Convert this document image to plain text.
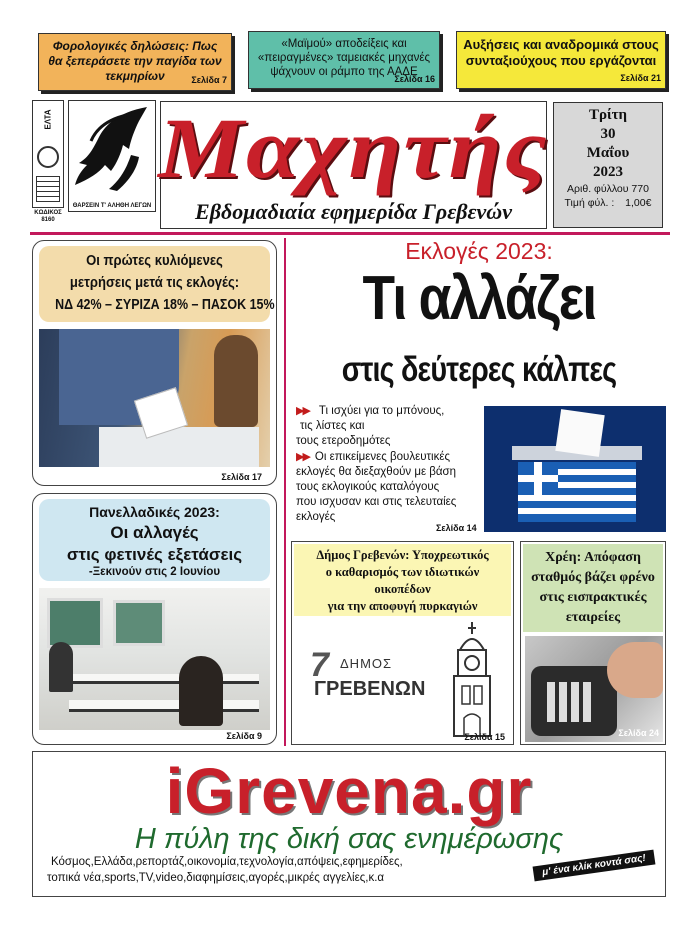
Φορολογικές δηλώσεις: Πως θα ξεπεράσετε την παγίδα των τεκμηρίων	Σελίδα 7
«Μαϊμού» αποδείξεις και «πειραγμένες» ταμειακές μηχανές ψάχνουν οι ράμπο της ΑΑΔΕ
Σελίδα 16
Αυξήσεις και αναδρομικά στους συνταξιούχους που εργάζονται
Σελίδα 21
ΕΛΤΑ
ΚΩΔΙΚΟΣ
8160
ΘΑΡΣΕΙΝ Τ' ΑΛΗΘΗ ΛΕΓΩΝ
Μαχητής
Εβδομαδιαία εφημερίδα Γρεβενών
Τρίτη
30
Μαΐου
2023
Αριθ. φύλλου 770
Τιμή φύλ. : 1,00€
Οι πρώτες κυλιόμενες
μετρήσεις μετά τις εκλογές:
ΝΔ 42% – ΣΥΡΙΖΑ 18% – ΠΑΣΟΚ 15%
Σελίδα 17
Πανελλαδικές 2023:
Οι αλλαγές
στις φετινές εξετάσεις
-Ξεκινούν στις 2 Ιουνίου
Σελίδα 9
Εκλογές 2023:
Τι αλλάζει
στις δεύτερες κάλπες
▶▶ Τι ισχύει για το μπόνους,
τις λίστες και
τους ετεροδημότες
▶▶ Οι επικείμενες βουλευτικές
εκλογές θα διεξαχθούν με βάση
τους εκλογικούς καταλόγους
που ισχυσαν και στις τελευταίες
εκλογές
Σελίδα 14
Δήμος Γρεβενών: Υποχρεωτικός
ο καθαρισμός των ιδιωτικών
οικοπέδων
για την αποφυγή πυρκαγιών
7 ΔΗΜΟΣ
ΓΡΕΒΕΝΩΝ
Σελίδα 15
Χρέη: Απόφαση
σταθμός βάζει φρένο
στις εισπρακτικές
εταιρείες
Σελίδα 24
iGrevena.gr
Η πύλη της δική σας ενημέρωσης
Κόσμος,Ελλάδα,ρεπορτάζ,οικονομία,τεχνολογία,απόψεις,εφημερίδες,
τοπικά νέα,sports,TV,video,διαφημίσεις,αγορές,μικρές αγγελίες,κ.α	μ' ένα κλίκ κοντά σας!
